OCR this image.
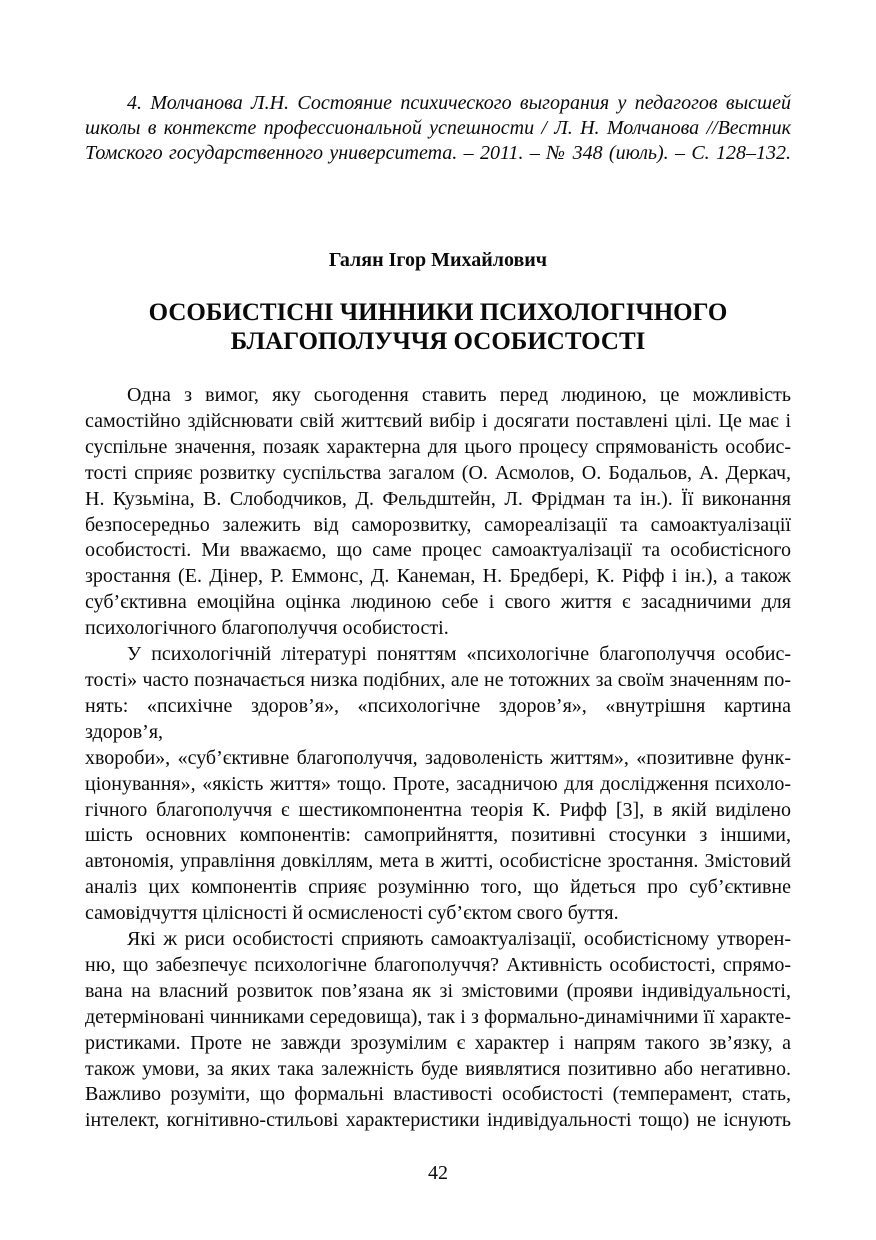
4. Молчанова Л.Н. Состояние психического выгорания у педагогов высшей
школы в контексте профессиональной успешности / Л. Н. Молчанова //Вестник
Томского государственного университета. – 2011. – № 348 (июль). – С. 128–132.
Галян Ігор Михайлович
ОСОБИСТІСНІ ЧИННИКИ ПСИХОЛОГІЧНОГО
БЛАГОПОЛУЧЧЯ ОСОБИСТОСТІ
Одна з вимог, яку сьогодення ставить перед людиною, це можливість
самостійно здійснювати свій життєвий вибір і досягати поставлені цілі. Це має і
суспільне значення, позаяк характерна для цього процесу спрямованість особис-
тості сприяє розвитку суспільства загалом (О. Асмолов, О. Бодальов, А. Деркач,
Н. Кузьміна, В. Слободчиков, Д. Фельдштейн, Л. Фрідман та ін.). Її виконання
безпосередньо залежить від саморозвитку, самореалізації та самоактуалізації
особистості. Ми вважаємо, що саме процес самоактуалізації та особистісного
зростання (Е. Дінер, Р. Еммонс, Д. Канеман, Н. Бредбері, К. Ріфф і ін.), а також
суб’єктивна емоційна оцінка людиною себе і свого життя є засадничими для
психологічного благополуччя особистості.
У психологічній літературі поняттям «психологічне благополуччя особис-
тості» часто позначається низка подібних, але не тотожних за своїм значенням по-
нять: «психічне здоров’я», «психологічне здоров’я», «внутрішня картина здоров’я,
хвороби», «суб’єктивне благополуччя, задоволеність життям», «позитивне функ-
ціонування», «якість життя» тощо. Проте, засадничою для дослідження психоло-
гічного благополуччя є шестикомпонентна теорія К. Рифф [3], в якій виділено
шість основних компонентів: самоприйняття, позитивні стосунки з іншими,
автономія, управління довкіллям, мета в житті, особистісне зростання. Змістовий
аналіз цих компонентів сприяє розумінню того, що йдеться про суб’єктивне
самовідчуття цілісності й осмисленості суб’єктом свого буття.
Які ж риси особистості сприяють самоактуалізації, особистісному утворен-
ню, що забезпечує психологічне благополуччя? Активність особистості, спрямо-
вана на власний розвиток пов’язана як зі змістовими (прояви індивідуальності,
детерміновані чинниками середовища), так і з формально-динамічними її характе-
ристиками. Проте не завжди зрозумілим є характер і напрям такого зв’язку, а
також умови, за яких така залежність буде виявлятися позитивно або негативно.
Важливо розуміти, що формальні властивості особистості (темперамент, стать,
інтелект, когнітивно-стильові характеристики індивідуальності тощо) не існують
42
